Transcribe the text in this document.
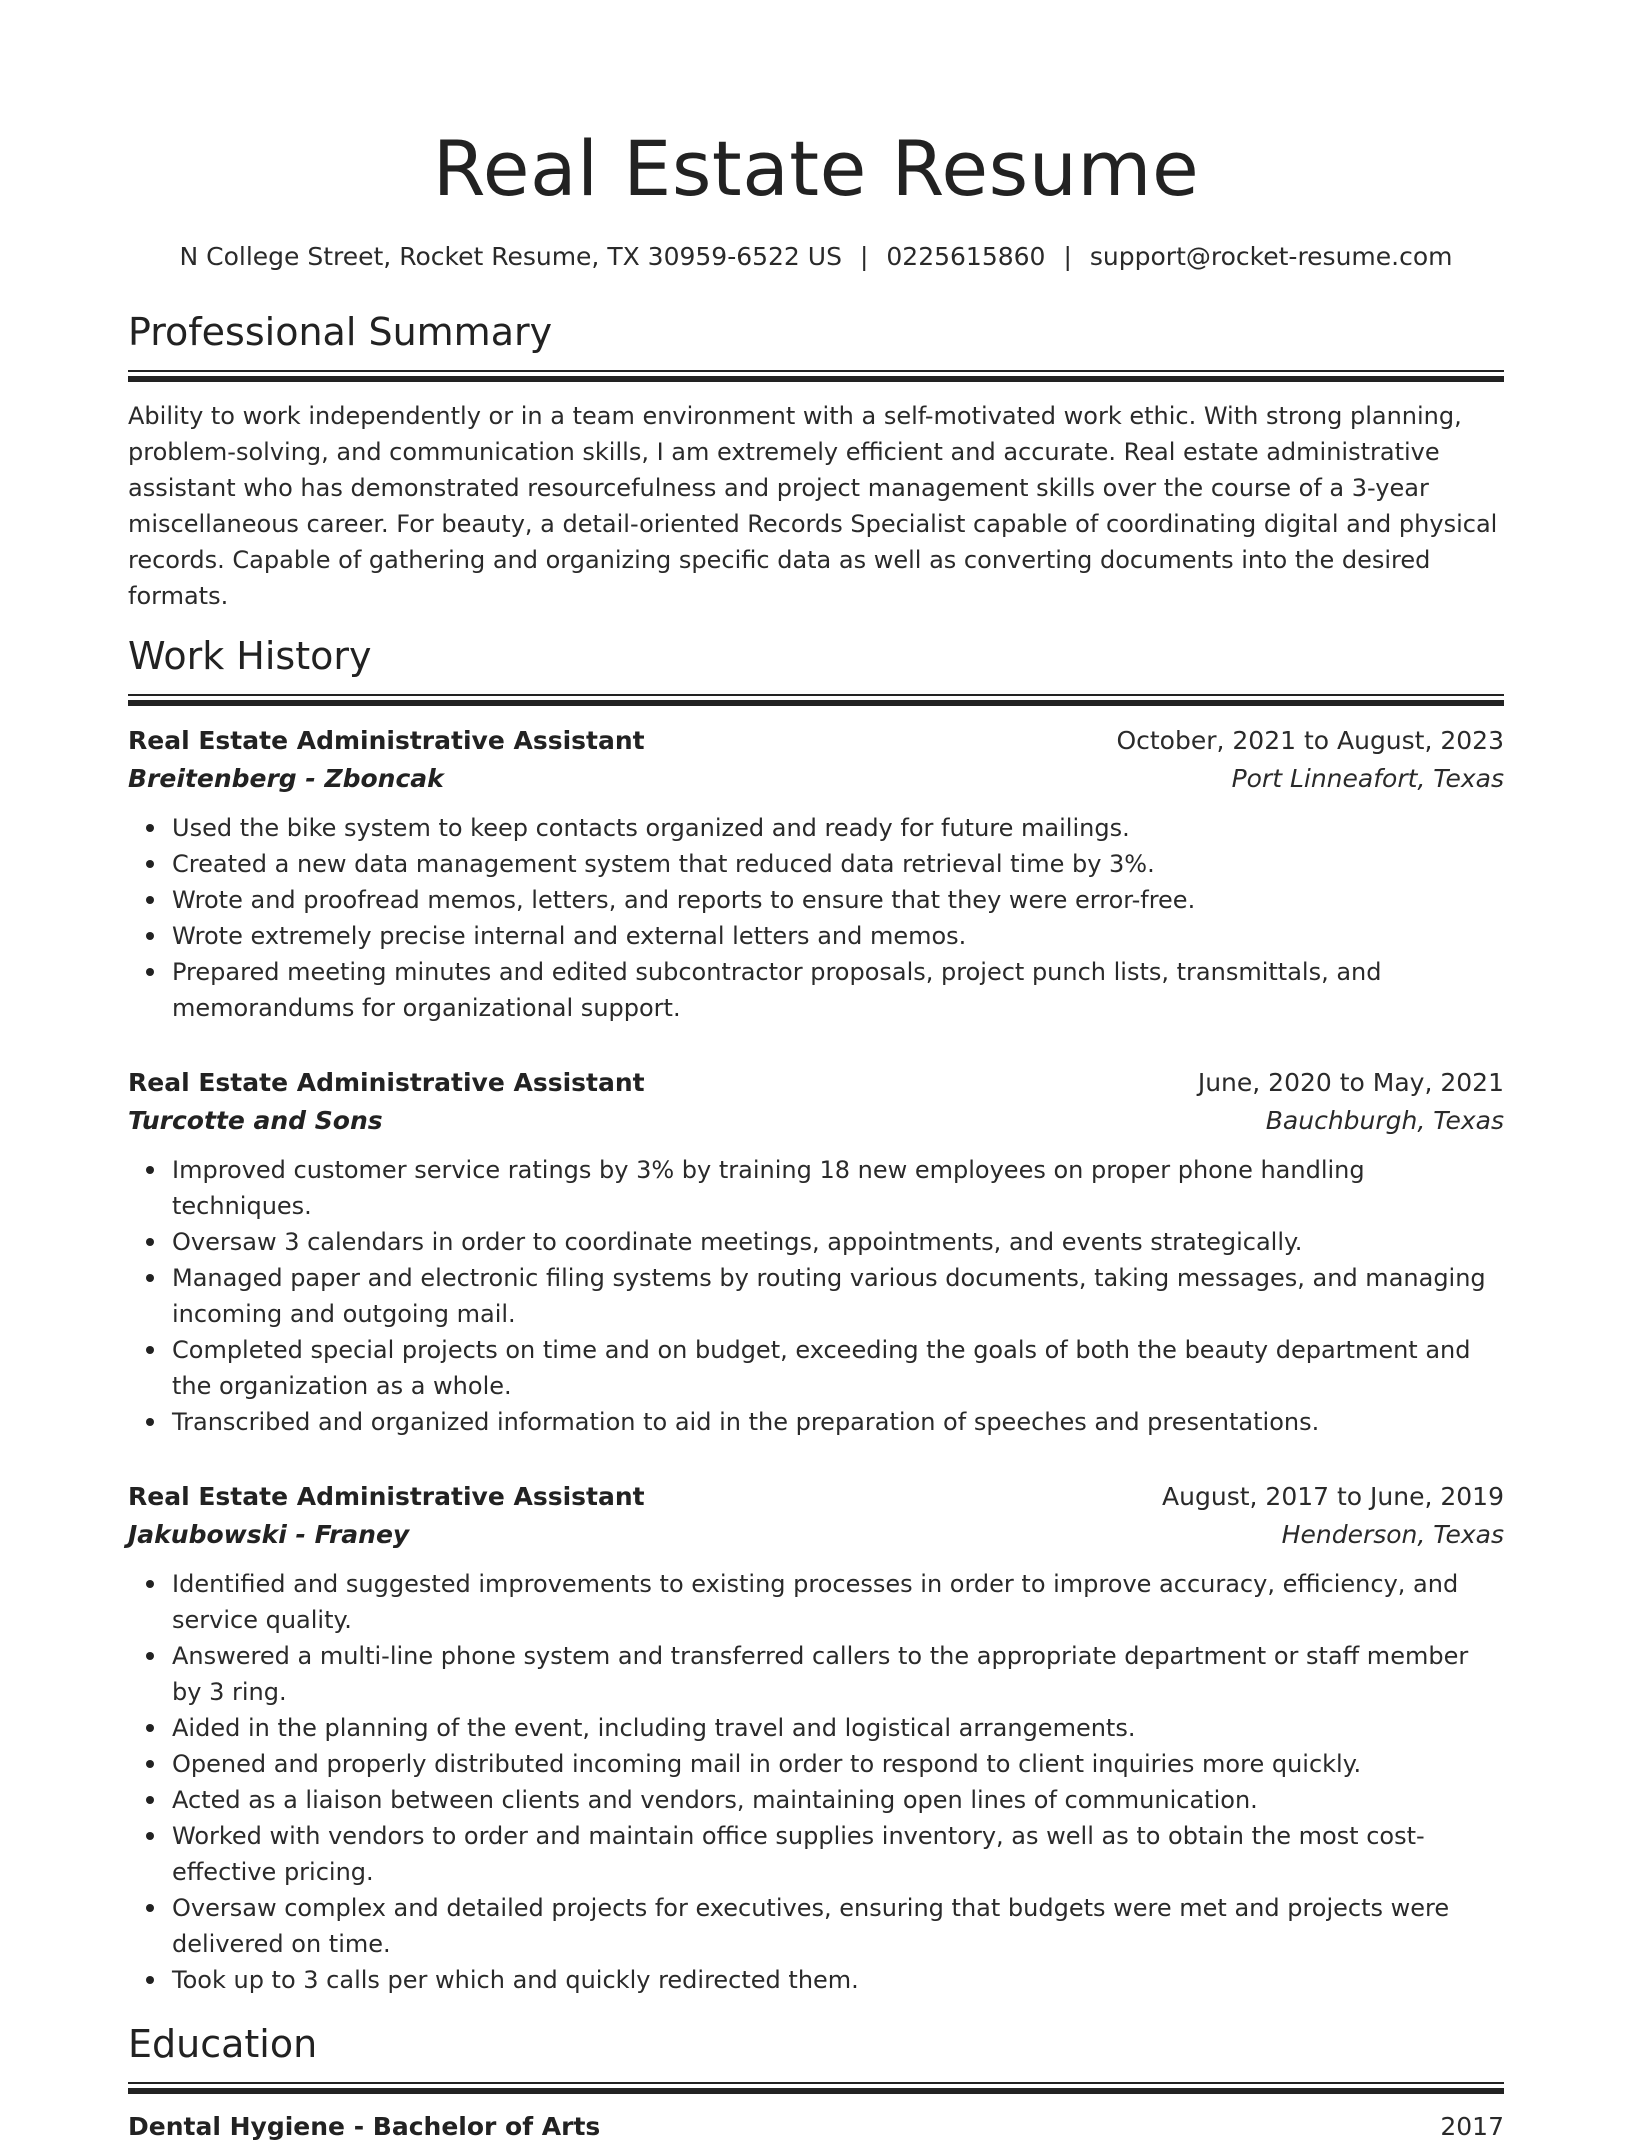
Real Estate Resume
N College Street, Rocket Resume, TX 30959-6522 US | 0225615860 | support@rocket-resume.com
Professional Summary

Ability to work independently or in a team environment with a self-motivated work ethic. With strong planning, problem-solving, and communication skills, I am extremely efficient and accurate. Real estate administrative assistant who has demonstrated resourcefulness and project management skills over the course of a 3-year miscellaneous career. For beauty, a detail-oriented Records Specialist capable of coordinating digital and physical records. Capable of gathering and organizing specific data as well as converting documents into the desired formats.

Work History
Real Estate Administrative Assistant	October, 2021 to August, 2023
Breitenberg - Zboncak	Port Linneafort, Texas
Used the bike system to keep contacts organized and ready for future mailings.
Created a new data management system that reduced data retrieval time by 3%.
Wrote and proofread memos, letters, and reports to ensure that they were error-free.
Wrote extremely precise internal and external letters and memos.
Prepared meeting minutes and edited subcontractor proposals, project punch lists, transmittals, and memorandums for organizational support.
Real Estate Administrative Assistant	June, 2020 to May, 2021
Turcotte and Sons	Bauchburgh, Texas
Improved customer service ratings by 3% by training 18 new employees on proper phone handling techniques.
Oversaw 3 calendars in order to coordinate meetings, appointments, and events strategically.
Managed paper and electronic filing systems by routing various documents, taking messages, and managing incoming and outgoing mail.
Completed special projects on time and on budget, exceeding the goals of both the beauty department and the organization as a whole.
Transcribed and organized information to aid in the preparation of speeches and presentations.
Real Estate Administrative Assistant	August, 2017 to June, 2019
Jakubowski - Franey	Henderson, Texas
Identified and suggested improvements to existing processes in order to improve accuracy, efficiency, and service quality.
Answered a multi-line phone system and transferred callers to the appropriate department or staff member by 3 ring.
Aided in the planning of the event, including travel and logistical arrangements.
Opened and properly distributed incoming mail in order to respond to client inquiries more quickly.
Acted as a liaison between clients and vendors, maintaining open lines of communication.
Worked with vendors to order and maintain office supplies inventory, as well as to obtain the most cost-effective pricing.
Oversaw complex and detailed projects for executives, ensuring that budgets were met and projects were delivered on time.
Took up to 3 calls per which and quickly redirected them.
Education
Dental Hygiene - Bachelor of Arts	2017
